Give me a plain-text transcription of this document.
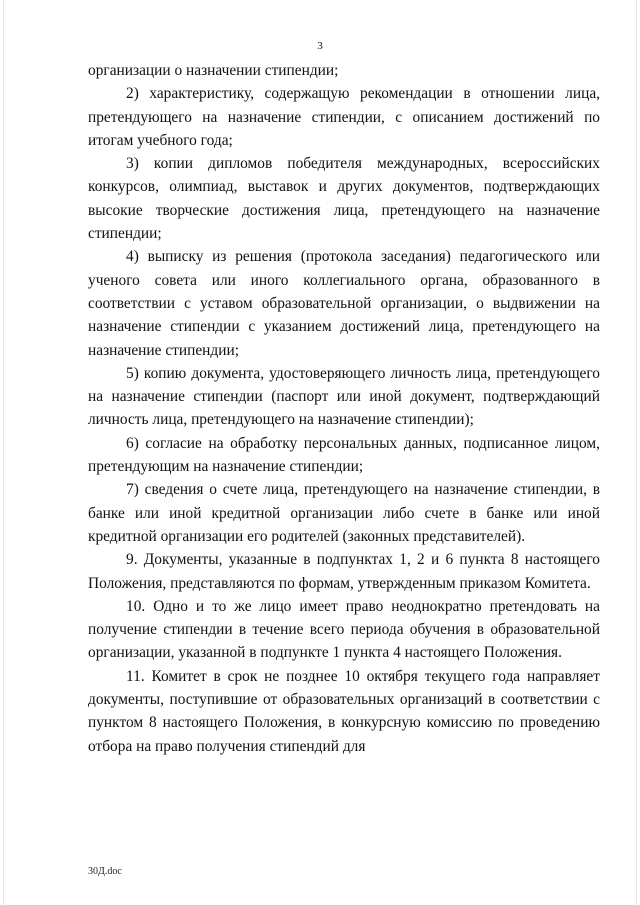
3

организации о назначении стипендии;

2) характеристику, содержащую рекомендации в отношении лица, претендующего на назначение стипендии, с описанием достижений по итогам учебного года;

3) копии дипломов победителя международных, всероссийских конкурсов, олимпиад, выставок и других документов, подтверждающих высокие творческие достижения лица, претендующего на назначение стипендии;

4) выписку из решения (протокола заседания) педагогического или ученого совета или иного коллегиального органа, образованного в соответствии с уставом образовательной организации, о выдвижении на назначение стипендии с указанием достижений лица, претендующего на назначение стипендии;

5) копию документа, удостоверяющего личность лица, претендующего на назначение стипендии (паспорт или иной документ, подтверждающий личность лица, претендующего на назначение стипендии);

6) согласие на обработку персональных данных, подписанное лицом, претендующим на назначение стипендии;

7) сведения о счете лица, претендующего на назначение стипендии, в банке или иной кредитной организации либо счете в банке или иной кредитной организации его родителей (законных представителей).

9. Документы, указанные в подпунктах 1, 2 и 6 пункта 8 настоящего Положения, представляются по формам, утвержденным приказом Комитета.

10. Одно и то же лицо имеет право неоднократно претендовать на получение стипендии в течение всего периода обучения в образовательной организации, указанной в подпункте 1 пункта 4 настоящего Положения.

11. Комитет в срок не позднее 10 октября текущего года направляет документы, поступившие от образовательных организаций в соответствии с пунктом 8 настоящего Положения, в конкурсную комиссию по проведению отбора на право получения стипендий для

30Д.doc
